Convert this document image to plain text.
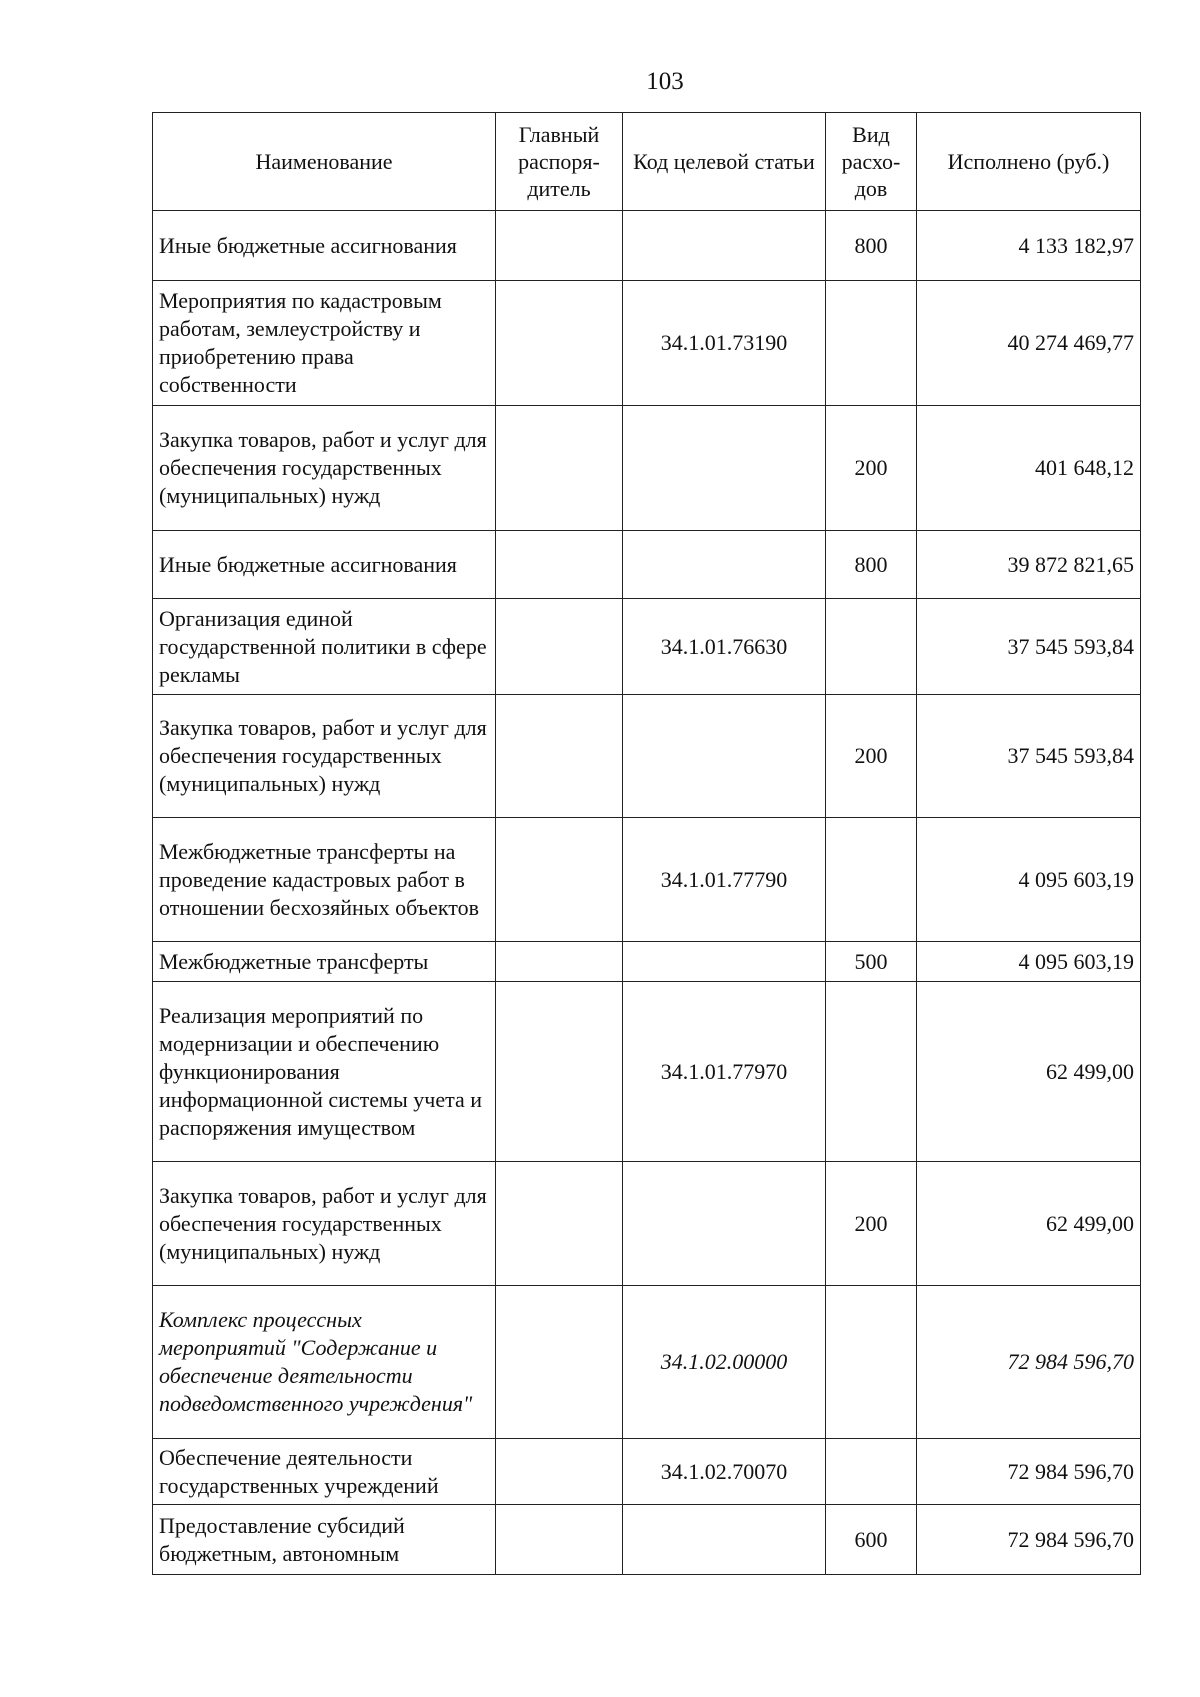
103
Наименование	Главный распоря- дитель	Код целевой статьи	Вид расхо- дов	Исполнено (руб.)
Иные бюджетные ассигнования			800	4 133 182,97
Мероприятия по кадастровым работам, землеустройству и приобретению права собственности		34.1.01.73190		40 274 469,77
Закупка товаров, работ и услуг для обеспечения государственных (муниципальных) нужд			200	401 648,12
Иные бюджетные ассигнования			800	39 872 821,65
Организация единой государственной политики в сфере рекламы		34.1.01.76630		37 545 593,84
Закупка товаров, работ и услуг для обеспечения государственных (муниципальных) нужд			200	37 545 593,84
Межбюджетные трансферты на проведение кадастровых работ в отношении бесхозяйных объектов		34.1.01.77790		4 095 603,19
Межбюджетные трансферты			500	4 095 603,19
Реализация мероприятий по модернизации и обеспечению функционирования информационной системы учета и распоряжения имуществом		34.1.01.77970		62 499,00
Закупка товаров, работ и услуг для обеспечения государственных (муниципальных) нужд			200	62 499,00
Комплекс процессных мероприятий "Содержание и обеспечение деятельности подведомственного учреждения"		34.1.02.00000		72 984 596,70
Обеспечение деятельности государственных учреждений		34.1.02.70070		72 984 596,70
Предоставление субсидий бюджетным, автономным			600	72 984 596,70
